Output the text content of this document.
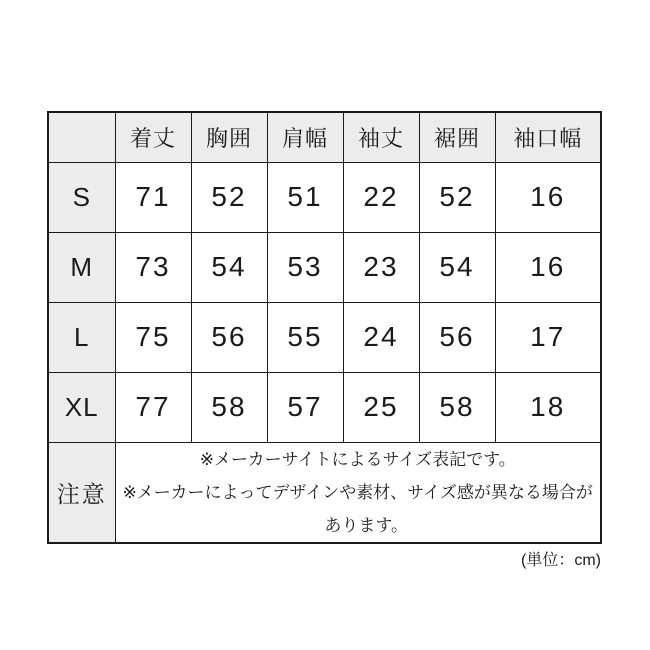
	着丈	胸囲	肩幅	袖丈	裾囲	袖口幅
S	71	52	51	22	52	16
M	73	54	53	23	54	16
L	75	56	55	24	56	17
XL	77	58	57	25	58	18
注意	※メーカーサイトによるサイズ表記です。
※メーカーによってデザインや素材、サイズ感が異なる場合が
あります。					
(単位：cm)
